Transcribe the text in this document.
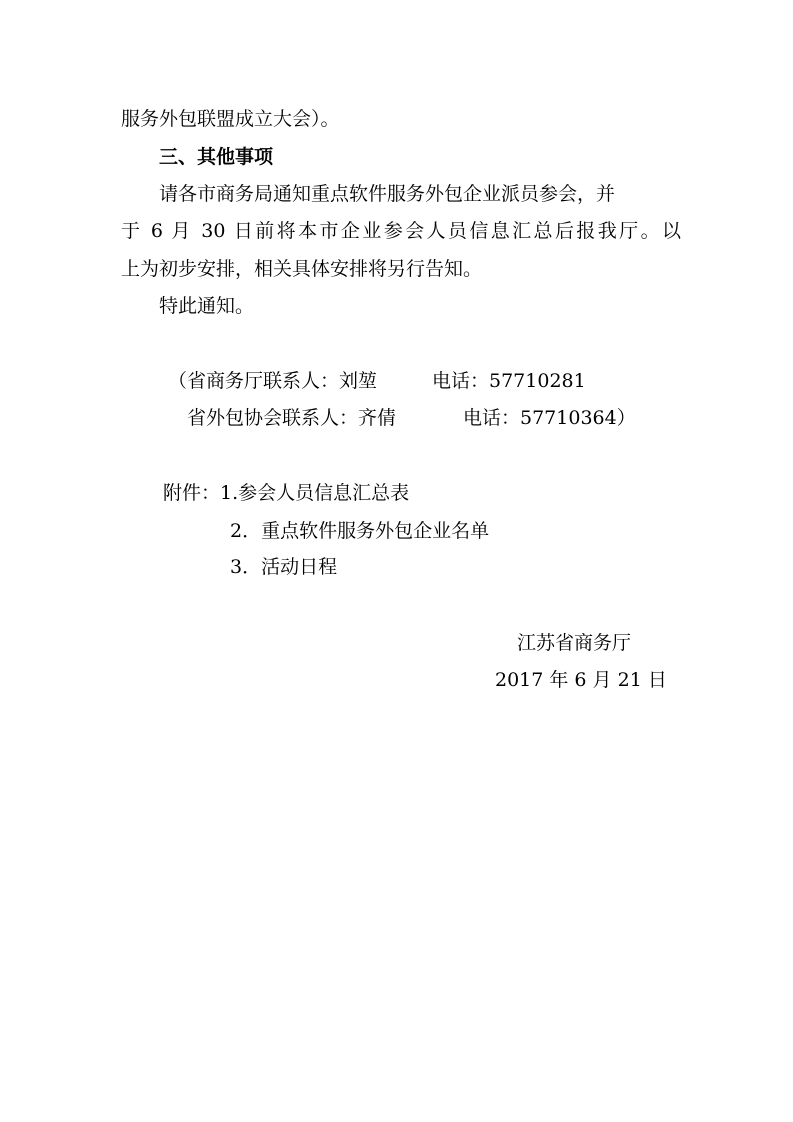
服务外包联盟成立大会）。
三、其他事项
请各市商务局通知重点软件服务外包企业派员参会，并
于 6 月 30 日前将本市企业参会人员信息汇总后报我厅。以
上为初步安排，相关具体安排将另行告知。
特此通知。
（省商务厅联系人：刘堃	电话：57710281
省外包协会联系人：齐倩	电话：57710364）
附件：1.参会人员信息汇总表
2．重点软件服务外包企业名单
3．活动日程
江苏省商务厅
2017 年 6 月 21 日
